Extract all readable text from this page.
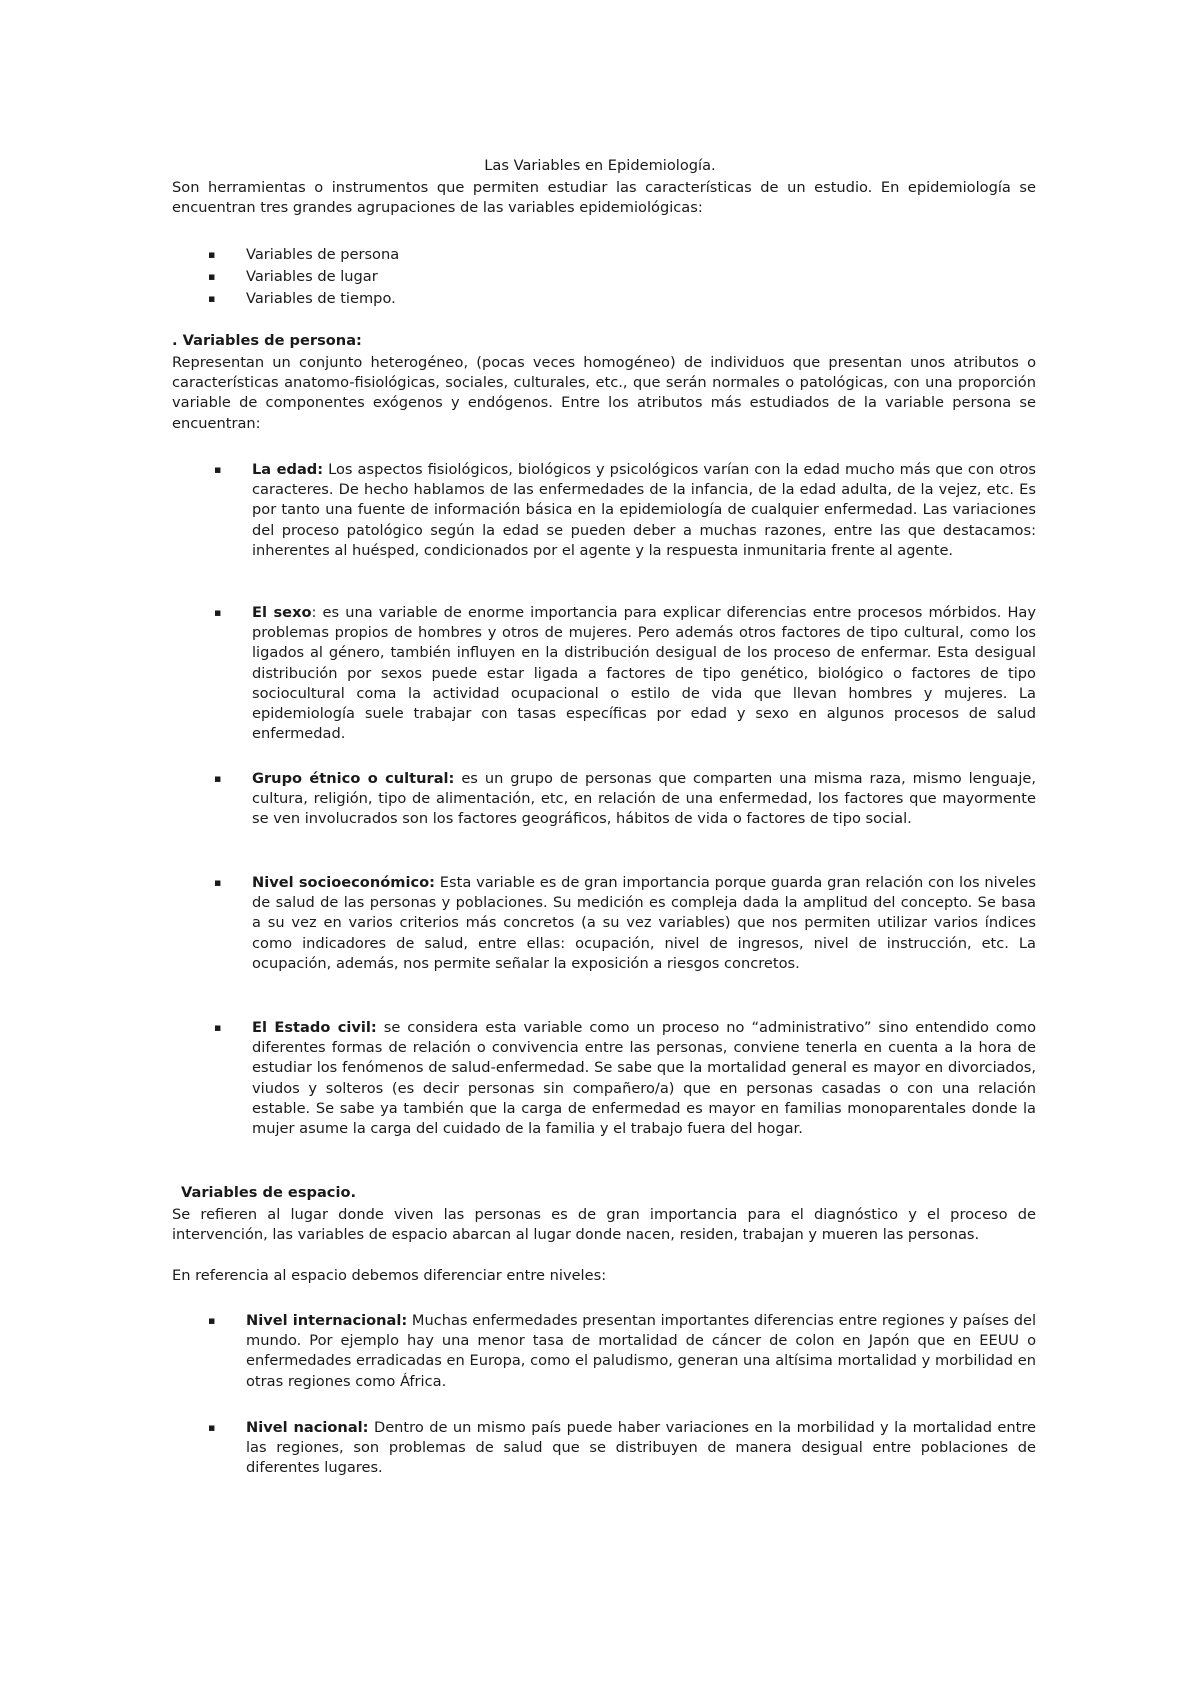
Las Variables en Epidemiología.
Son herramientas o instrumentos que permiten estudiar las características de un estudio. En epidemiología se encuentran tres grandes agrupaciones de las variables epidemiológicas:
▪ Variables de persona
▪ Variables de lugar
▪ Variables de tiempo.
. Variables de persona:
Representan un conjunto heterogéneo, (pocas veces homogéneo) de individuos que presentan unos atributos o características anatomo-fisiológicas, sociales, culturales, etc., que serán normales o patológicas, con una proporción variable de componentes exógenos y endógenos. Entre los atributos más estudiados de la variable persona se encuentran:
▪ La edad: Los aspectos fisiológicos, biológicos y psicológicos varían con la edad mucho más que con otros caracteres. De hecho hablamos de las enfermedades de la infancia, de la edad adulta, de la vejez, etc. Es por tanto una fuente de información básica en la epidemiología de cualquier enfermedad. Las variaciones del proceso patológico según la edad se pueden deber a muchas razones, entre las que destacamos: inherentes al huésped, condicionados por el agente y la respuesta inmunitaria frente al agente.
▪ El sexo: es una variable de enorme importancia para explicar diferencias entre procesos mórbidos. Hay problemas propios de hombres y otros de mujeres. Pero además otros factores de tipo cultural, como los ligados al género, también influyen en la distribución desigual de los proceso de enfermar. Esta desigual distribución por sexos puede estar ligada a factores de tipo genético, biológico o factores de tipo sociocultural coma la actividad ocupacional o estilo de vida que llevan hombres y mujeres. La epidemiología suele trabajar con tasas específicas por edad y sexo en algunos procesos de salud enfermedad.
▪ Grupo étnico o cultural: es un grupo de personas que comparten una misma raza, mismo lenguaje, cultura, religión, tipo de alimentación, etc, en relación de una enfermedad, los factores que mayormente se ven involucrados son los factores geográficos, hábitos de vida o factores de tipo social.
▪ Nivel socioeconómico: Esta variable es de gran importancia porque guarda gran relación con los niveles de salud de las personas y poblaciones. Su medición es compleja dada la amplitud del concepto. Se basa a su vez en varios criterios más concretos (a su vez variables) que nos permiten utilizar varios índices como indicadores de salud, entre ellas: ocupación, nivel de ingresos, nivel de instrucción, etc. La ocupación, además, nos permite señalar la exposición a riesgos concretos.
▪ El Estado civil: se considera esta variable como un proceso no “administrativo” sino entendido como diferentes formas de relación o convivencia entre las personas, conviene tenerla en cuenta a la hora de estudiar los fenómenos de salud-enfermedad. Se sabe que la mortalidad general es mayor en divorciados, viudos y solteros (es decir personas sin compañero/a) que en personas casadas o con una relación estable. Se sabe ya también que la carga de enfermedad es mayor en familias monoparentales donde la mujer asume la carga del cuidado de la familia y el trabajo fuera del hogar.
Variables de espacio.
Se refieren al lugar donde viven las personas es de gran importancia para el diagnóstico y el proceso de intervención, las variables de espacio abarcan al lugar donde nacen, residen, trabajan y mueren las personas.
En referencia al espacio debemos diferenciar entre niveles:
▪ Nivel internacional: Muchas enfermedades presentan importantes diferencias entre regiones y países del mundo. Por ejemplo hay una menor tasa de mortalidad de cáncer de colon en Japón que en EEUU o enfermedades erradicadas en Europa, como el paludismo, generan una altísima mortalidad y morbilidad en otras regiones como África.
▪ Nivel nacional: Dentro de un mismo país puede haber variaciones en la morbilidad y la mortalidad entre las regiones, son problemas de salud que se distribuyen de manera desigual entre poblaciones de diferentes lugares.
